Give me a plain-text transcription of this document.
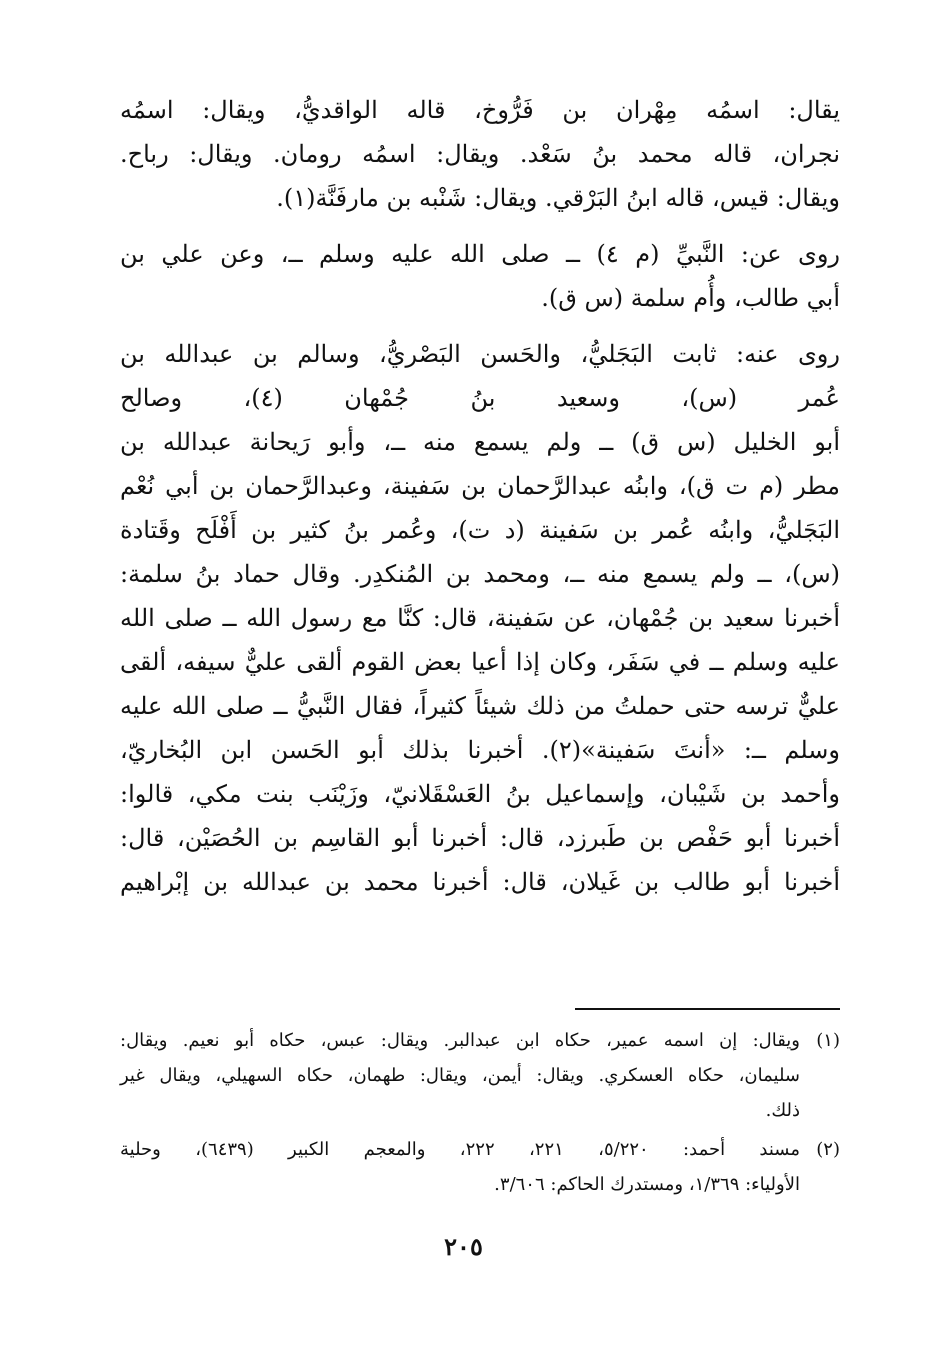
يقال: اسمُه مِهْران بن فَرُّوخ، قاله الواقديُّ، ويقال: اسمُه
نجران، قاله محمد بنُ سَعْد. ويقال: اسمُه رومان. ويقال: رباح.
ويقال: قيس، قاله ابنُ البَرْقي. ويقال: شَنْبه بن مارفَنَّة(١).

روى عن: النَّبيِّ (م ٤) ــ صلى الله عليه وسلم ــ، وعن علي بن
أبي طالب، وأُم سلمة (س ق).

روى عنه: ثابت البَجَليُّ، والحَسن البَصْريُّ، وسالم بن عبدالله بن
عُمر (س)، وسعيد بنُ جُمْهان (٤)، وصالح
أبو الخليل (س ق) ــ ولم يسمع منه ــ، وأبو رَيحانة عبدالله بن
مطر (م ت ق)، وابنُه عبدالرَّحمان بن سَفينة، وعبدالرَّحمان بن أبي نُعْم
البَجَليُّ، وابنُه عُمر بن سَفينة (د ت)، وعُمر بنُ كثير بن أَفْلَح وقَتادة
(س)، ــ ولم يسمع منه ــ، ومحمد بن المُنكدِر. وقال حماد بنُ سلمة:
أخبرنا سعيد بن جُمْهان، عن سَفينة، قال: كنَّا مع رسول الله ــ صلى الله
عليه وسلم ــ في سَفَر، وكان إذا أعيا بعض القوم ألقى عليٌّ سيفه، ألقى
عليٌّ ترسه حتى حملتُ من ذلك شيئاً كثيراً، فقال النَّبيُّ ــ صلى الله عليه
وسلم ــ: «أنتَ سَفينة»(٢). أخبرنا بذلك أبو الحَسن ابن البُخاريّ،
وأحمد بن شَيْبان، وإسماعيل بنُ العَسْقَلانيّ، وزَيْنَب بنت مكي، قالوا:
أخبرنا أبو حَفْص بن طَبرزد، قال: أخبرنا أبو القاسِم بن الحُصَيْن، قال:
أخبرنا أبو طالب بن غَيلان، قال: أخبرنا محمد بن عبدالله بن إبْراهيم

(١)
ويقال: إن اسمه عمير، حكاه ابن عبدالبر. ويقال: عبس، حكاه أبو نعيم. ويقال:
سليمان، حكاه العسكري. ويقال: أيمن، ويقال: طهمان، حكاه السهيلي، ويقال غير
ذلك.
(٢)
مسند أحمد: ٥/٢٢٠، ٢٢١، ٢٢٢، والمعجم الكبير (٦٤٣٩)، وحلية
الأولياء: ١/٣٦٩، ومستدرك الحاكم: ٣/٦٠٦.
٢٠٥
